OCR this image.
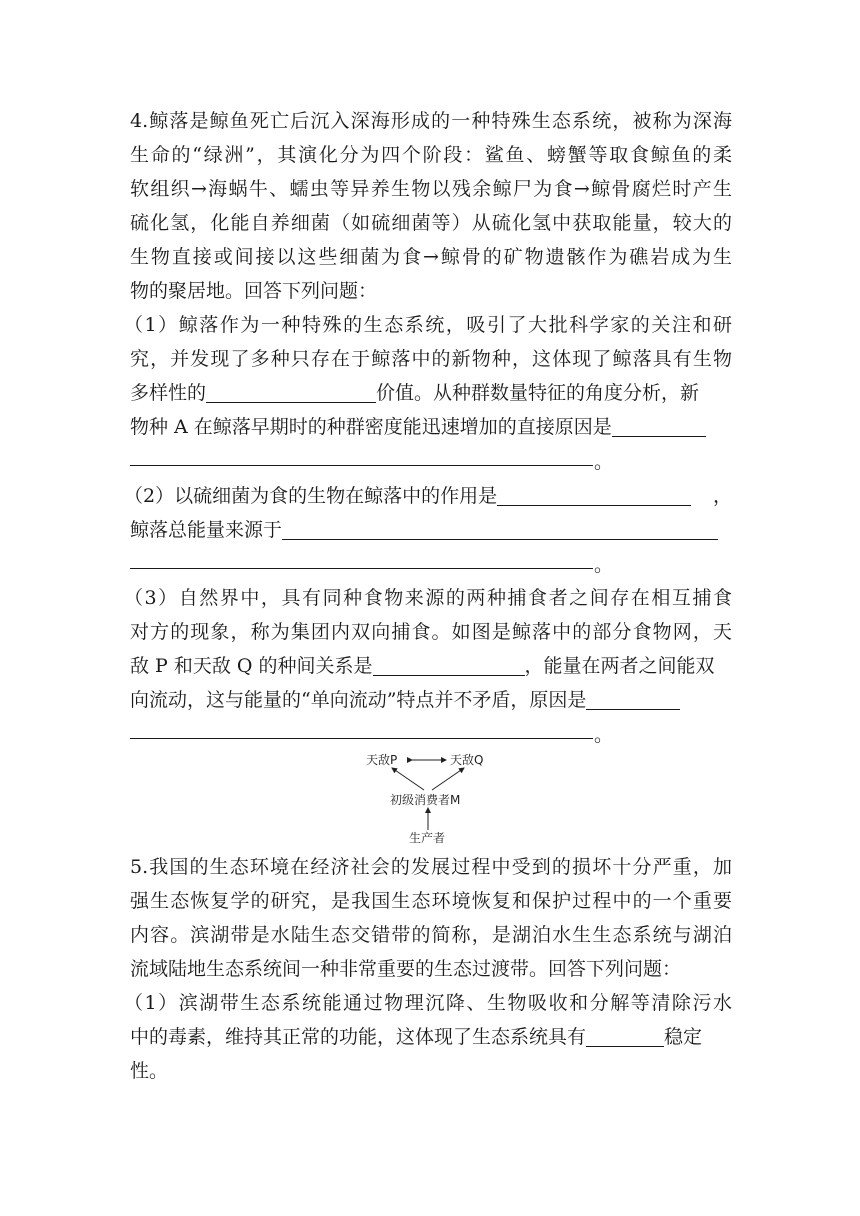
4.鲸落是鲸鱼死亡后沉入深海形成的一种特殊生态系统，被称为深海
生命的“绿洲”，其演化分为四个阶段：鲨鱼、螃蟹等取食鲸鱼的柔
软组织→海蜗牛、蠕虫等异养生物以残余鲸尸为食→鲸骨腐烂时产生
硫化氢，化能自养细菌（如硫细菌等）从硫化氢中获取能量，较大的
生物直接或间接以这些细菌为食→鲸骨的矿物遗骸作为礁岩成为生
物的聚居地。回答下列问题：
（1）鲸落作为一种特殊的生态系统，吸引了大批科学家的关注和研
究，并发现了多种只存在于鲸落中的新物种，这体现了鲸落具有生物
多样性的	价值。从种群数量特征的角度分析，新
物种 A 在鲸落早期时的种群密度能迅速增加的直接原因是
。
（2）以硫细菌为食的生物在鲸落中的作用是	，
鲸落总能量来源于
。
（3）自然界中，具有同种食物来源的两种捕食者之间存在相互捕食
对方的现象，称为集团内双向捕食。如图是鲸落中的部分食物网，天
敌 P 和天敌 Q 的种间关系是	，能量在两者之间能双
向流动，这与能量的“单向流动”特点并不矛盾，原因是
。
天敌P	天敌Q
初级消费者M
生产者
5.我国的生态环境在经济社会的发展过程中受到的损坏十分严重，加
强生态恢复学的研究，是我国生态环境恢复和保护过程中的一个重要
内容。滨湖带是水陆生态交错带的简称，是湖泊水生生态系统与湖泊
流域陆地生态系统间一种非常重要的生态过渡带。回答下列问题：
（1）滨湖带生态系统能通过物理沉降、生物吸收和分解等清除污水
中的毒素，维持其正常的功能，这体现了生态系统具有	稳定
性。
